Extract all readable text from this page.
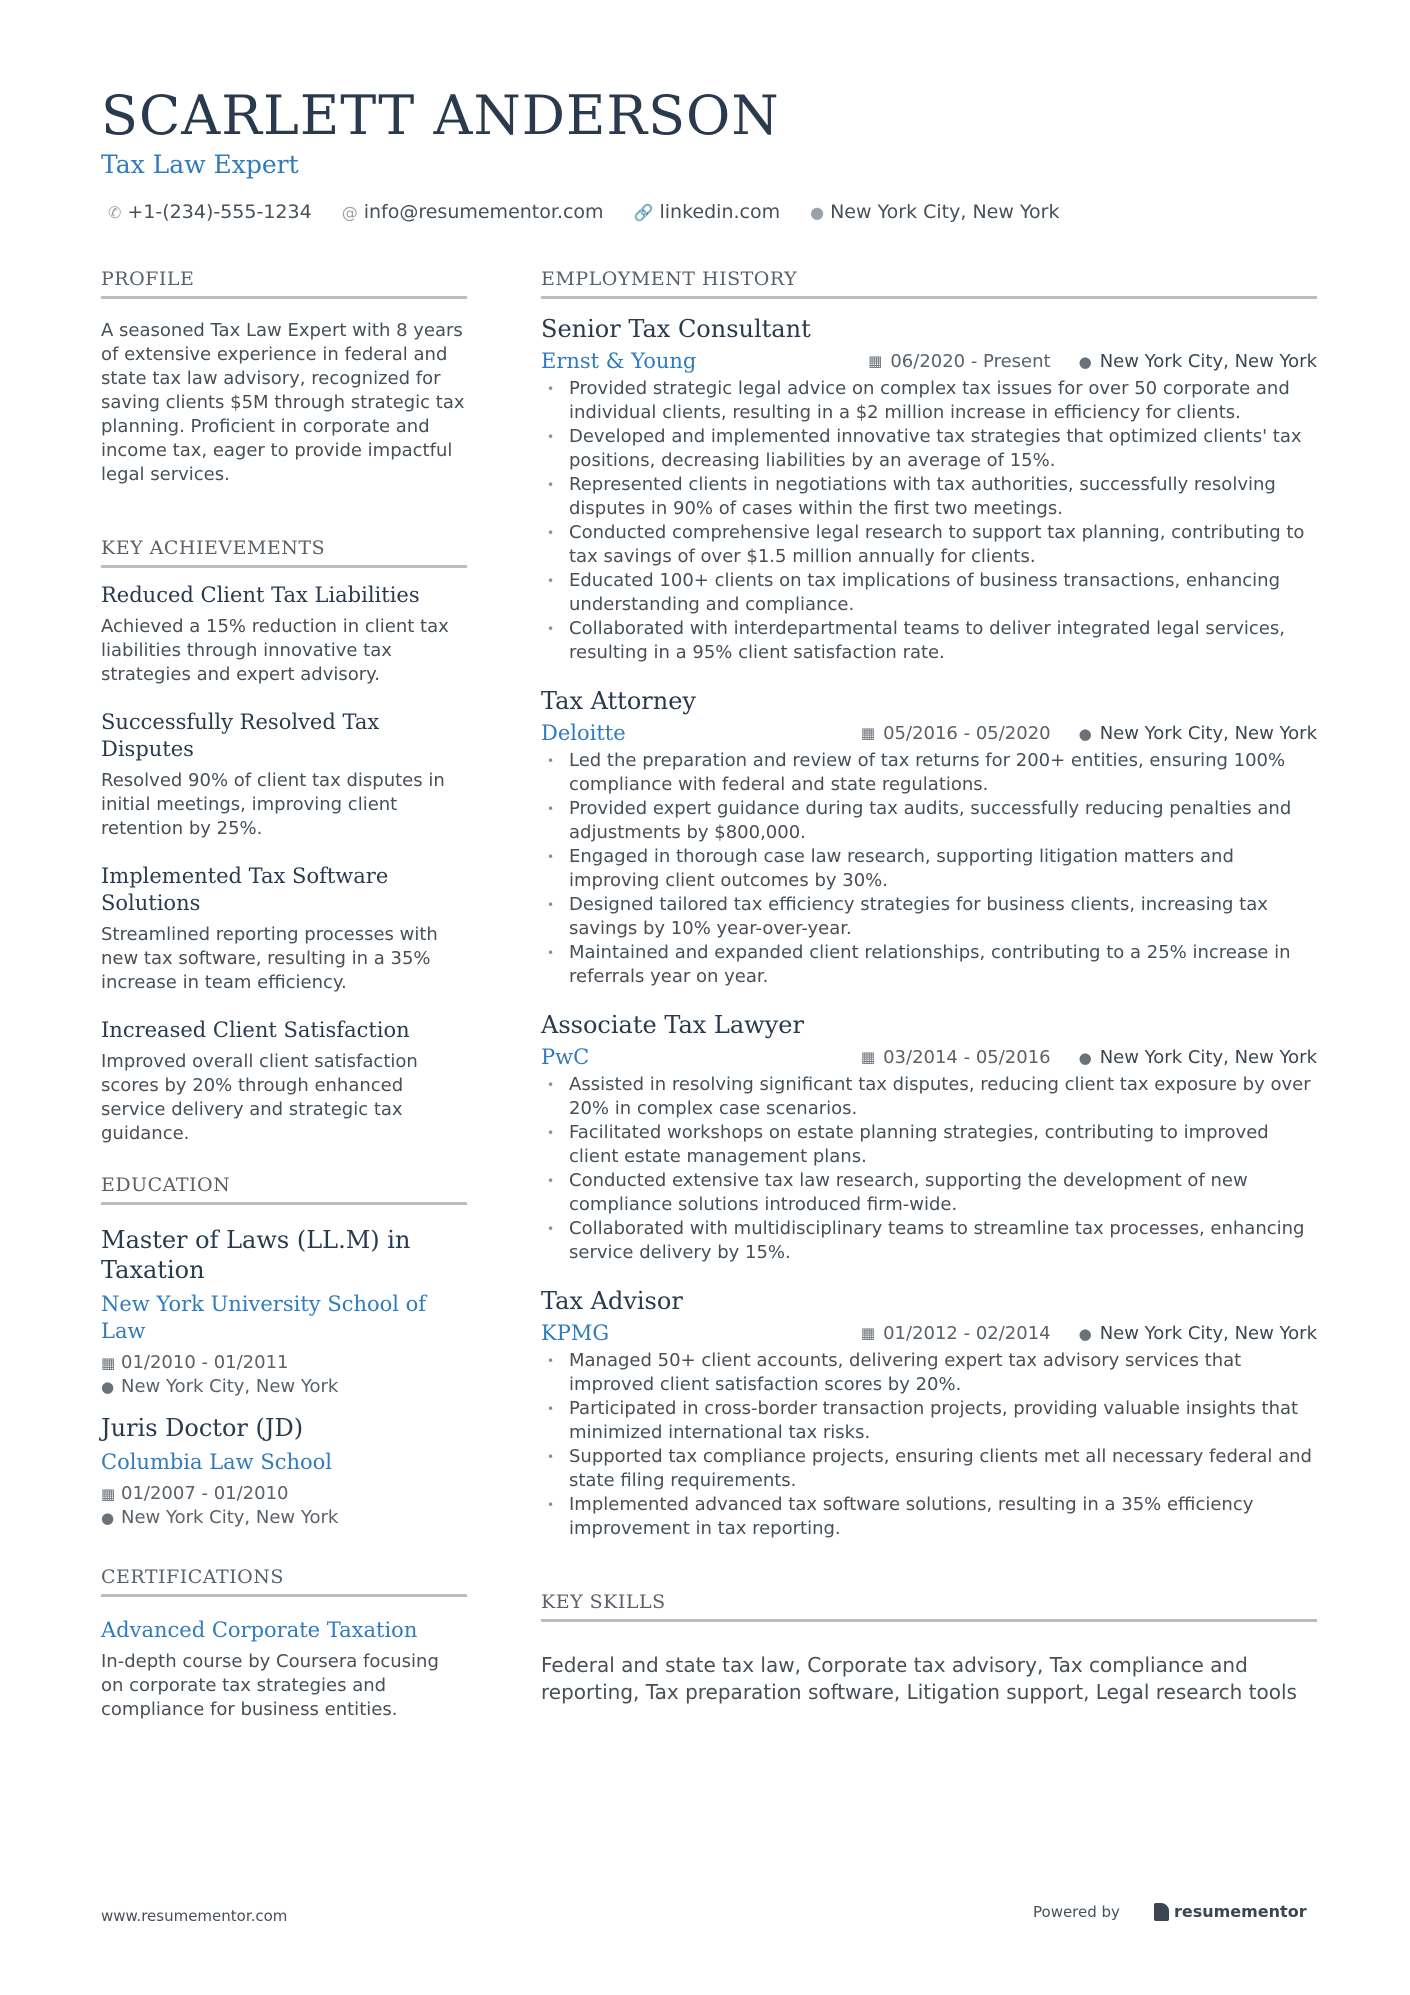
SCARLETT ANDERSON
Tax Law Expert
✆ +1-(234)-555-1234 @ info@resumementor.com 🔗 linkedin.com ● New York City, New York
PROFILE

A seasoned Tax Law Expert with 8 years of extensive experience in federal and state tax law advisory, recognized for saving clients $5M through strategic tax planning. Proficient in corporate and income tax, eager to provide impactful legal services.

KEY ACHIEVEMENTS
Reduced Client Tax Liabilities

Achieved a 15% reduction in client tax liabilities through innovative tax strategies and expert advisory.

Successfully Resolved Tax Disputes

Resolved 90% of client tax disputes in initial meetings, improving client retention by 25%.

Implemented Tax Software Solutions

Streamlined reporting processes with new tax software, resulting in a 35% increase in team efficiency.

Increased Client Satisfaction

Improved overall client satisfaction scores by 20% through enhanced service delivery and strategic tax guidance.

EDUCATION
Master of Laws (LL.M) in Taxation
New York University School of Law
▦ 01/2010 - 01/2011
● New York City, New York
Juris Doctor (JD)
Columbia Law School
▦ 01/2007 - 01/2010
● New York City, New York
CERTIFICATIONS
Advanced Corporate Taxation

In-depth course by Coursera focusing on corporate tax strategies and compliance for business entities.

EMPLOYMENT HISTORY
Senior Tax Consultant
Ernst & Young	▦ 06/2020 - Present ● New York City, New York
• Provided strategic legal advice on complex tax issues for over 50 corporate and individual clients, resulting in a $2 million increase in efficiency for clients.
• Developed and implemented innovative tax strategies that optimized clients' tax positions, decreasing liabilities by an average of 15%.
• Represented clients in negotiations with tax authorities, successfully resolving disputes in 90% of cases within the first two meetings.
• Conducted comprehensive legal research to support tax planning, contributing to tax savings of over $1.5 million annually for clients.
• Educated 100+ clients on tax implications of business transactions, enhancing understanding and compliance.
• Collaborated with interdepartmental teams to deliver integrated legal services, resulting in a 95% client satisfaction rate.
Tax Attorney
Deloitte	▦ 05/2016 - 05/2020 ● New York City, New York
• Led the preparation and review of tax returns for 200+ entities, ensuring 100% compliance with federal and state regulations.
• Provided expert guidance during tax audits, successfully reducing penalties and adjustments by $800,000.
• Engaged in thorough case law research, supporting litigation matters and improving client outcomes by 30%.
• Designed tailored tax efficiency strategies for business clients, increasing tax savings by 10% year-over-year.
• Maintained and expanded client relationships, contributing to a 25% increase in referrals year on year.
Associate Tax Lawyer
PwC	▦ 03/2014 - 05/2016 ● New York City, New York
• Assisted in resolving significant tax disputes, reducing client tax exposure by over 20% in complex case scenarios.
• Facilitated workshops on estate planning strategies, contributing to improved client estate management plans.
• Conducted extensive tax law research, supporting the development of new compliance solutions introduced firm-wide.
• Collaborated with multidisciplinary teams to streamline tax processes, enhancing service delivery by 15%.
Tax Advisor
KPMG	▦ 01/2012 - 02/2014 ● New York City, New York
• Managed 50+ client accounts, delivering expert tax advisory services that improved client satisfaction scores by 20%.
• Participated in cross-border transaction projects, providing valuable insights that minimized international tax risks.
• Supported tax compliance projects, ensuring clients met all necessary federal and state filing requirements.
• Implemented advanced tax software solutions, resulting in a 35% efficiency improvement in tax reporting.
KEY SKILLS

Federal and state tax law, Corporate tax advisory, Tax compliance and reporting, Tax preparation software, Litigation support, Legal research tools

www.resumementor.com	Powered by	resumementor
